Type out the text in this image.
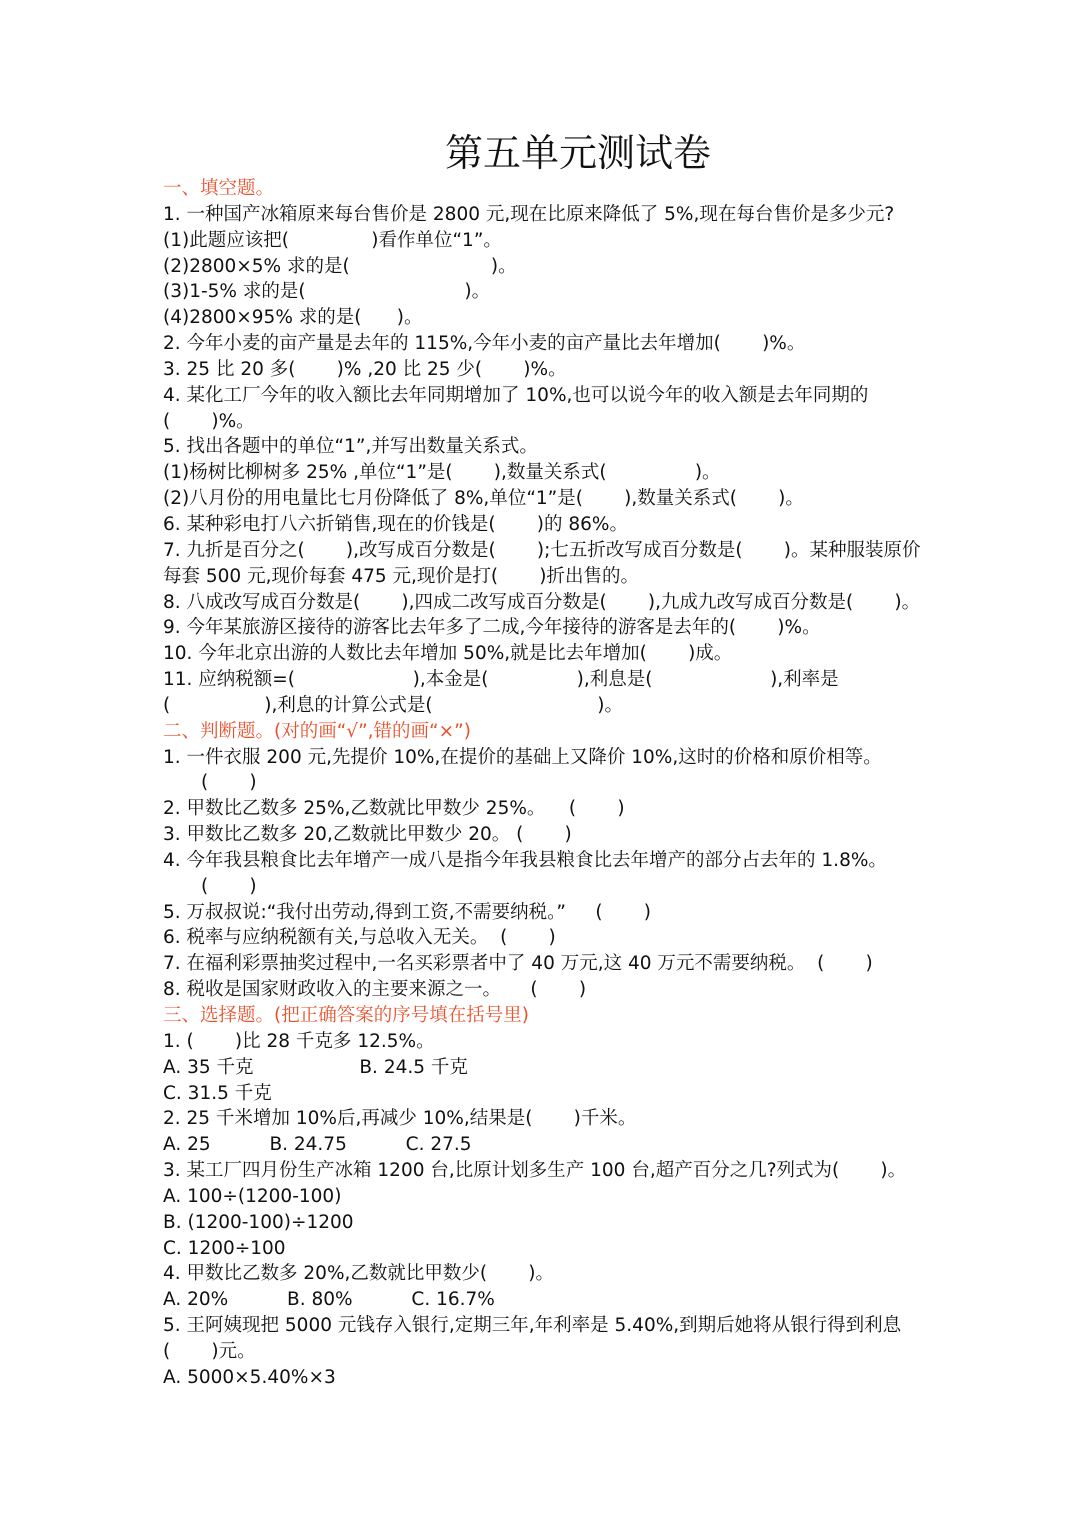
第五单元测试卷
一、填空题。
1. 一种国产冰箱原来每台售价是 2800 元,现在比原来降低了 5%,现在每台售价是多少元?
(1)此题应该把(              )看作单位“1”。
(2)2800×5% 求的是(                        )。
(3)1-5% 求的是(                           )。
(4)2800×95% 求的是(      )。
2. 今年小麦的亩产量是去年的 115%,今年小麦的亩产量比去年增加(       )%。
3. 25 比 20 多(       )% ,20 比 25 少(       )%。
4. 某化工厂今年的收入额比去年同期增加了 10%,也可以说今年的收入额是去年同期的
(       )%。
5. 找出各题中的单位“1”,并写出数量关系式。
(1)杨树比柳树多 25% ,单位“1”是(       ),数量关系式(               )。
(2)八月份的用电量比七月份降低了 8%,单位“1”是(       ),数量关系式(       )。
6. 某种彩电打八六折销售,现在的价钱是(       )的 86%。
7. 九折是百分之(       ),改写成百分数是(       );七五折改写成百分数是(       )。某种服装原价
每套 500 元,现价每套 475 元,现价是打(       )折出售的。
8. 八成改写成百分数是(       ),四成二改写成百分数是(       ),九成九改写成百分数是(       )。
9. 今年某旅游区接待的游客比去年多了二成,今年接待的游客是去年的(       )%。
10. 今年北京出游的人数比去年增加 50%,就是比去年增加(       )成。
11. 应纳税额=(                    ),本金是(               ),利息是(                    ),利率是
(                ),利息的计算公式是(                            )。
二、判断题。(对的画“√”,错的画“×”)
1. 一件衣服 200 元,先提价 10%,在提价的基础上又降价 10%,这时的价格和原价相等。
(       )
2. 甲数比乙数多 25%,乙数就比甲数少 25%。    (       )
3. 甲数比乙数多 20,乙数就比甲数少 20。 (       )
4. 今年我县粮食比去年增产一成八是指今年我县粮食比去年增产的部分占去年的 1.8%。
(       )
5. 万叔叔说:“我付出劳动,得到工资,不需要纳税。”     (       )
6. 税率与应纳税额有关,与总收入无关。  (       )
7. 在福利彩票抽奖过程中,一名买彩票者中了 40 万元,这 40 万元不需要纳税。  (       )
8. 税收是国家财政收入的主要来源之一。     (       )
三、选择题。(把正确答案的序号填在括号里)
1. (       )比 28 千克多 12.5%。
A. 35 千克                  B. 24.5 千克
C. 31.5 千克
2. 25 千米增加 10%后,再减少 10%,结果是(       )千米。
A. 25          B. 24.75          C. 27.5
3. 某工厂四月份生产冰箱 1200 台,比原计划多生产 100 台,超产百分之几?列式为(       )。
A. 100÷(1200-100)
B. (1200-100)÷1200
C. 1200÷100
4. 甲数比乙数多 20%,乙数就比甲数少(       )。
A. 20%          B. 80%          C. 16.7%
5. 王阿姨现把 5000 元钱存入银行,定期三年,年利率是 5.40%,到期后她将从银行得到利息
(       )元。
A. 5000×5.40%×3
